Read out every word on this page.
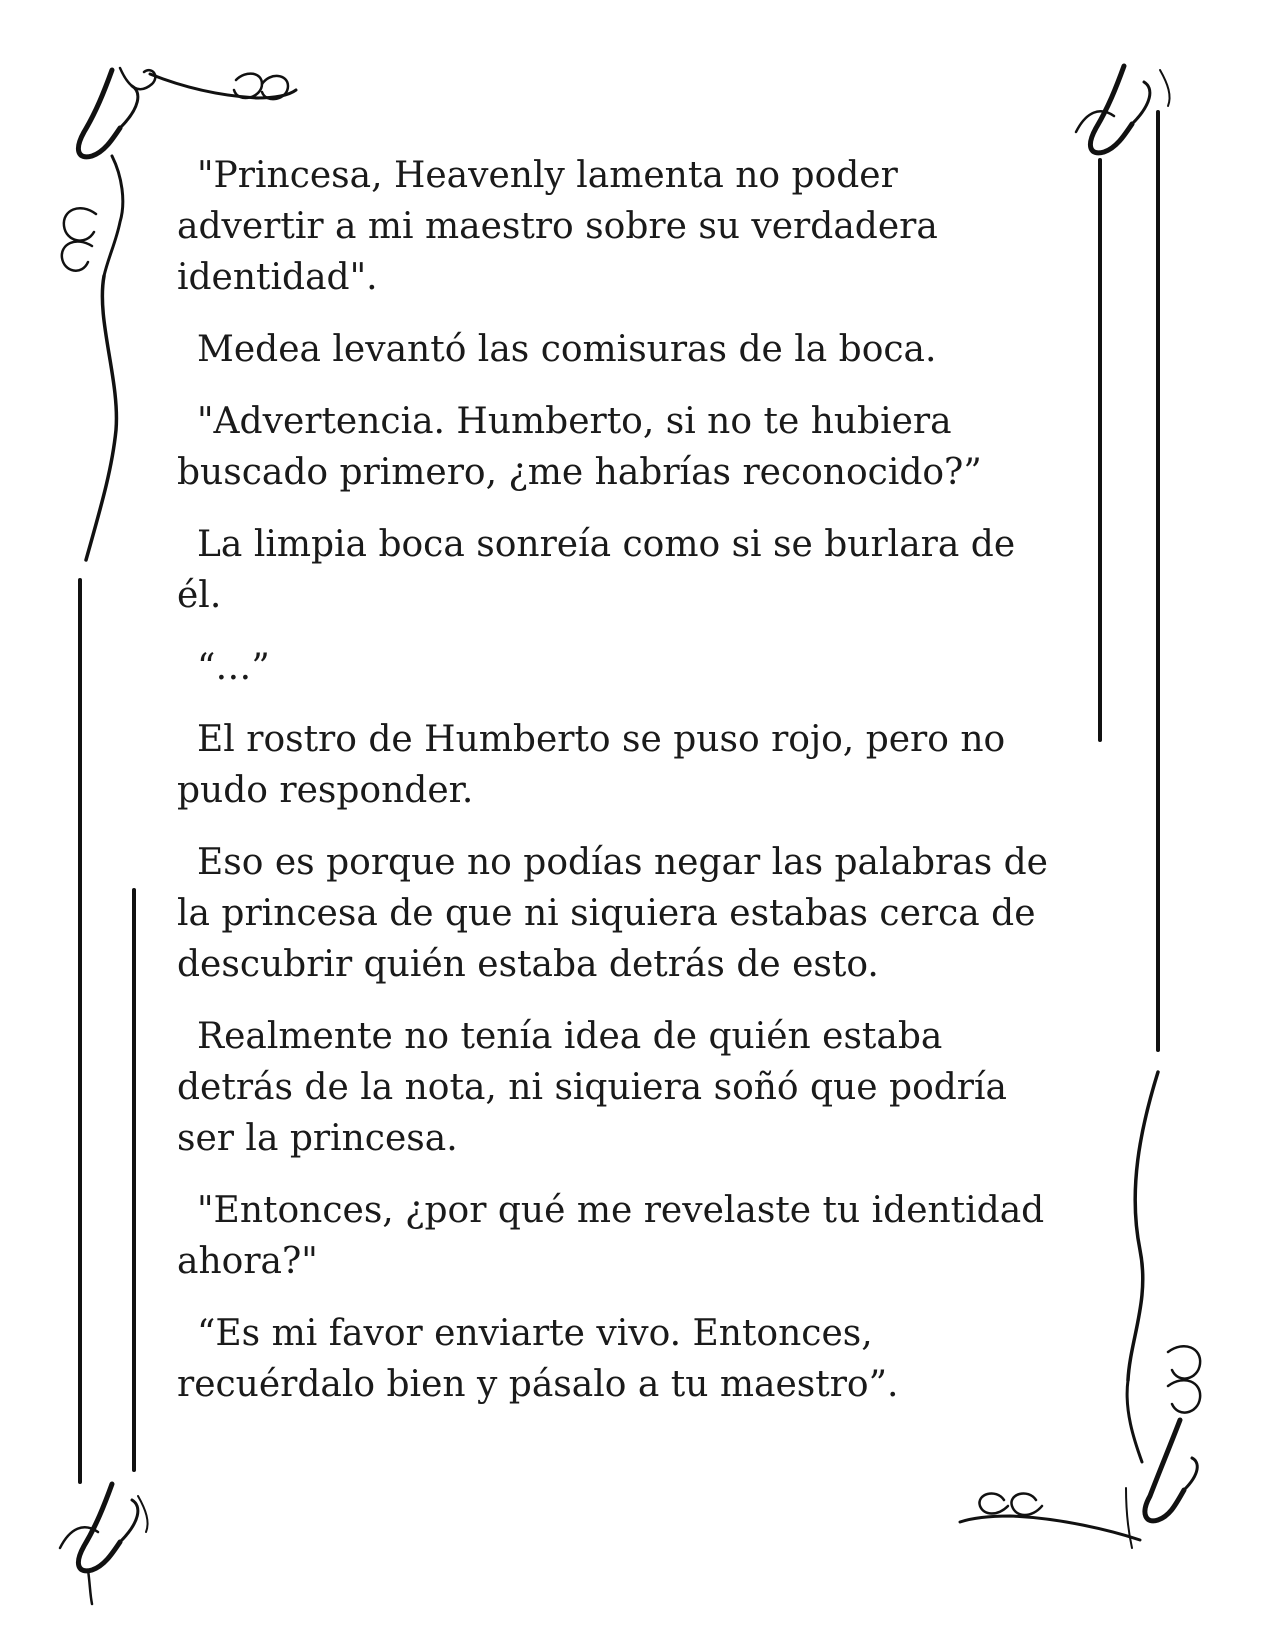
"Princesa, Heavenly lamenta no poder
advertir a mi maestro sobre su verdadera
identidad".

Medea levantó las comisuras de la boca.

"Advertencia. Humberto, si no te hubiera
buscado primero, ¿me habrías reconocido?”

La limpia boca sonreía como si se burlara de
él.

“…”

El rostro de Humberto se puso rojo, pero no
pudo responder.

Eso es porque no podías negar las palabras de
la princesa de que ni siquiera estabas cerca de
descubrir quién estaba detrás de esto.

Realmente no tenía idea de quién estaba
detrás de la nota, ni siquiera soñó que podría
ser la princesa.

"Entonces, ¿por qué me revelaste tu identidad
ahora?"

“Es mi favor enviarte vivo. Entonces,
recuérdalo bien y pásalo a tu maestro”.
